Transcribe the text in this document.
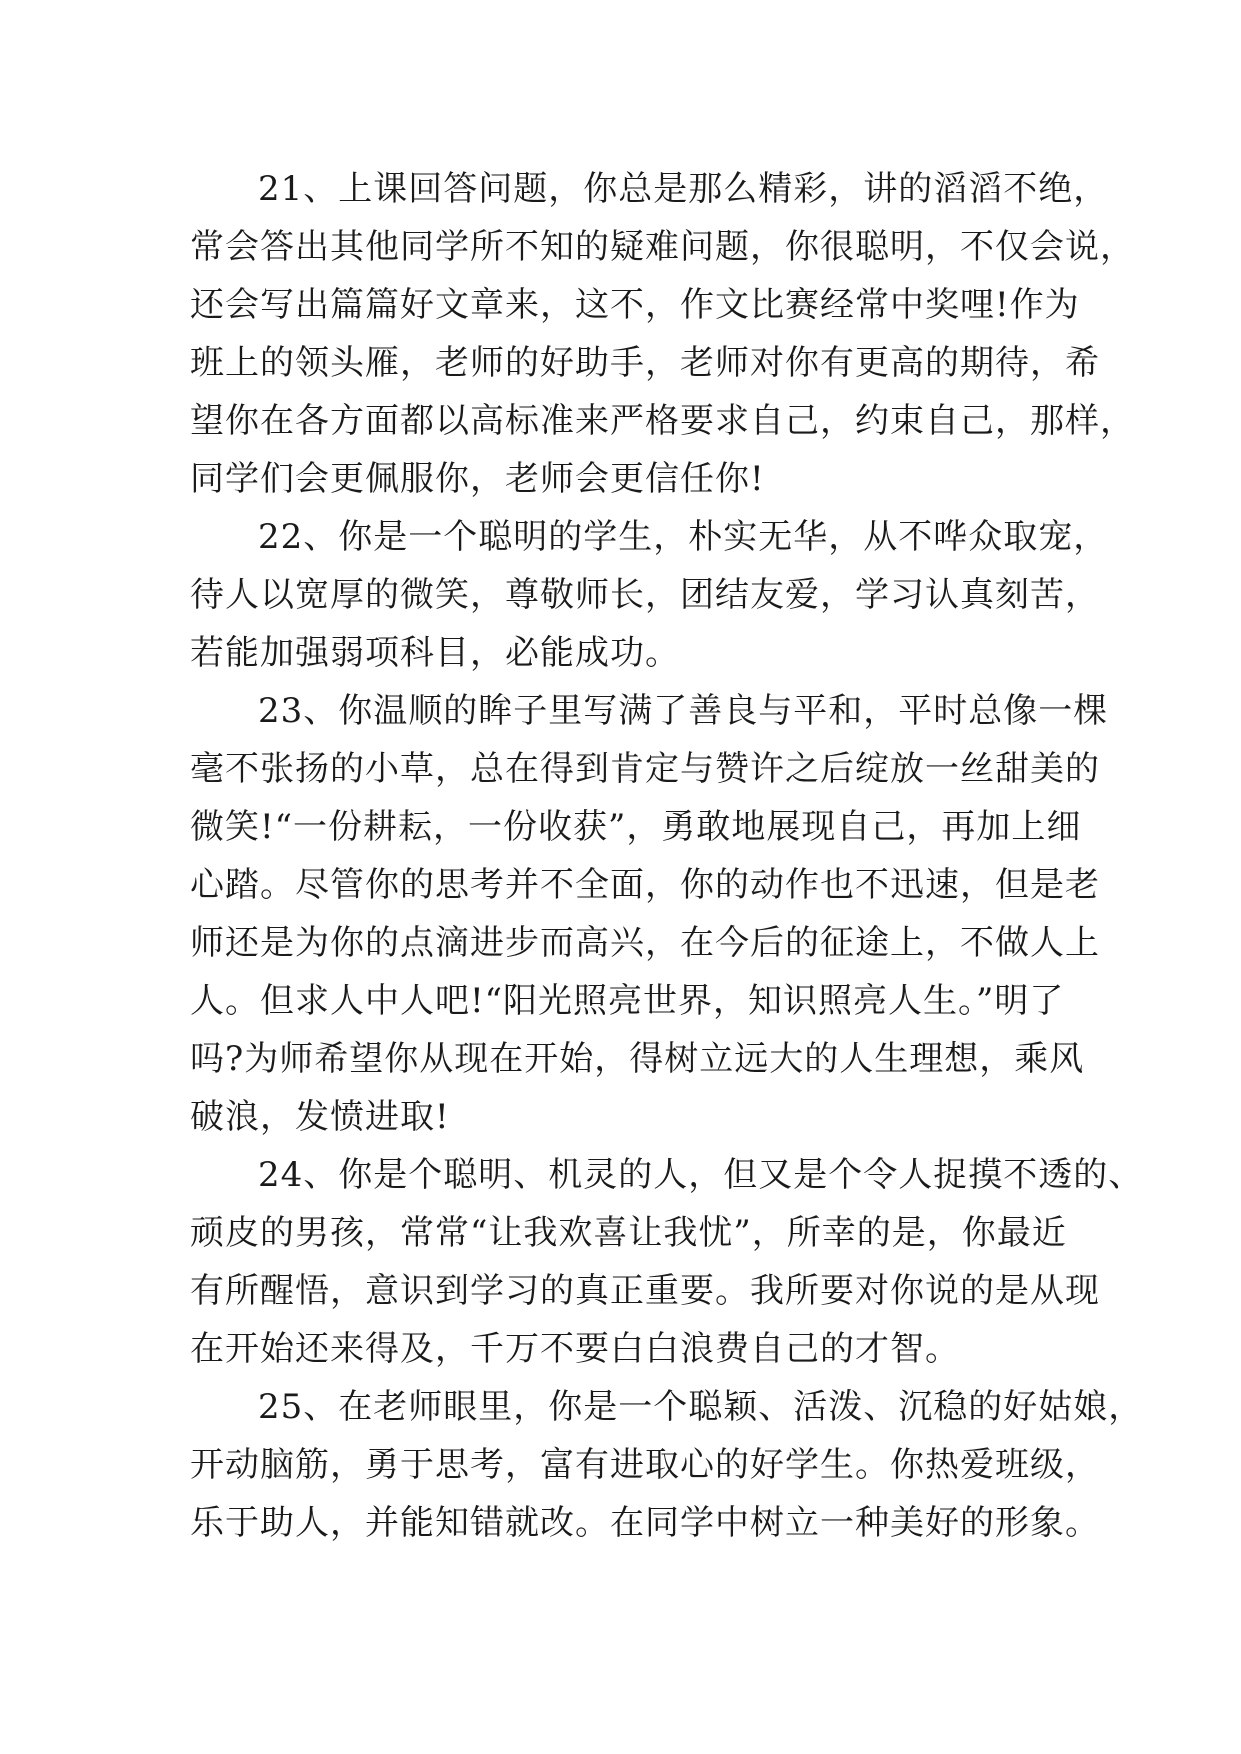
21、上课回答问题，你总是那么精彩，讲的滔滔不绝，
常会答出其他同学所不知的疑难问题，你很聪明，不仅会说，
还会写出篇篇好文章来，这不，作文比赛经常中奖哩!作为
班上的领头雁，老师的好助手，老师对你有更高的期待，希
望你在各方面都以高标准来严格要求自己，约束自己，那样，
同学们会更佩服你，老师会更信任你!

22、你是一个聪明的学生，朴实无华，从不哗众取宠，
待人以宽厚的微笑，尊敬师长，团结友爱，学习认真刻苦，
若能加强弱项科目，必能成功。

23、你温顺的眸子里写满了善良与平和，平时总像一棵
毫不张扬的小草，总在得到肯定与赞许之后绽放一丝甜美的
微笑!“一份耕耘，一份收获”，勇敢地展现自己，再加上细
心踏。尽管你的思考并不全面，你的动作也不迅速，但是老
师还是为你的点滴进步而高兴，在今后的征途上，不做人上
人。但求人中人吧!“阳光照亮世界，知识照亮人生。”明了
吗?为师希望你从现在开始，得树立远大的人生理想，乘风
破浪，发愤进取!

24、你是个聪明、机灵的人，但又是个令人捉摸不透的、
顽皮的男孩，常常“让我欢喜让我忧”，所幸的是，你最近
有所醒悟，意识到学习的真正重要。我所要对你说的是从现
在开始还来得及，千万不要白白浪费自己的才智。

25、在老师眼里，你是一个聪颖、活泼、沉稳的好姑娘，
开动脑筋，勇于思考，富有进取心的好学生。你热爱班级，
乐于助人，并能知错就改。在同学中树立一种美好的形象。
